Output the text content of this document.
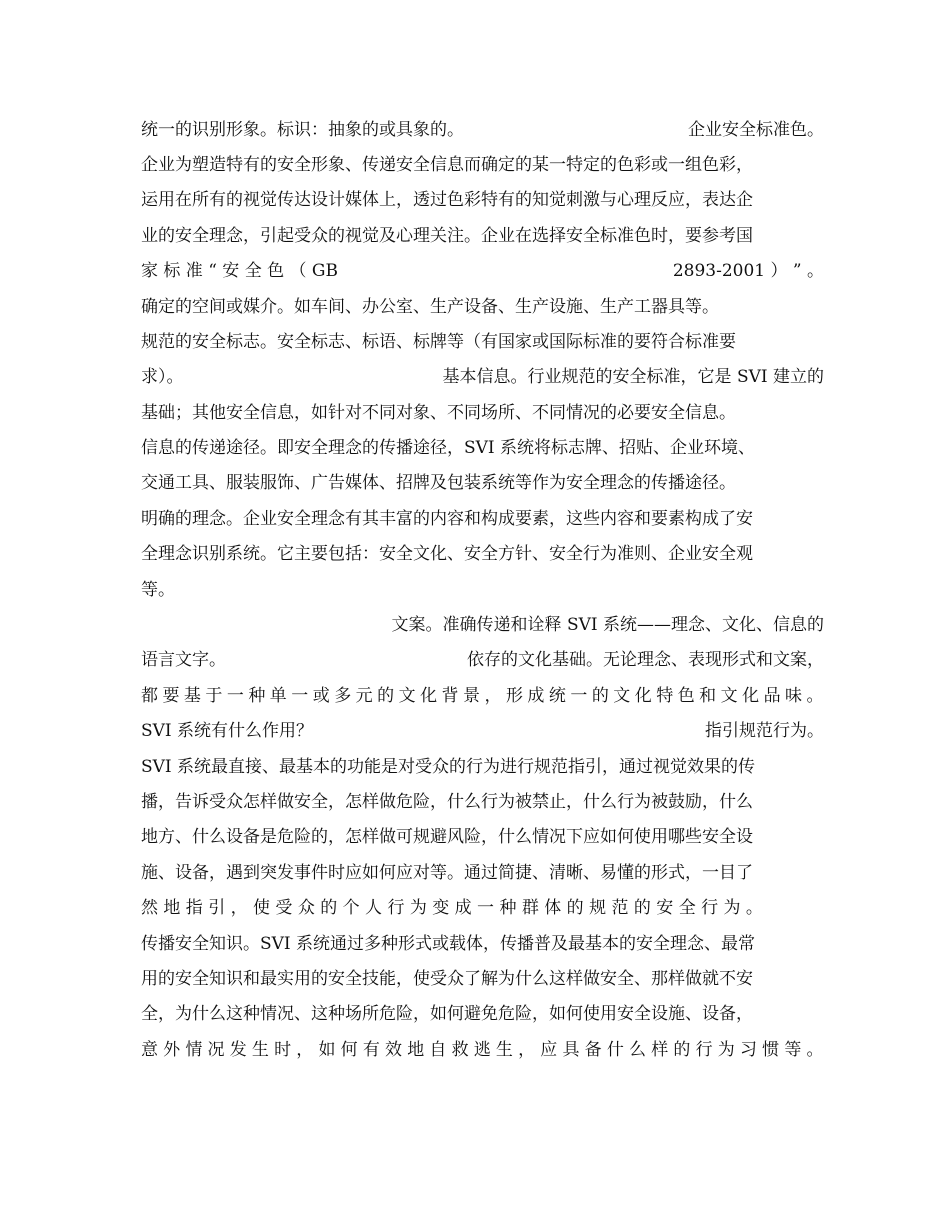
统一的识别形象。标识：抽象的或具象的。	企业安全标准色。
企业为塑造特有的安全形象、传递安全信息而确定的某一特定的色彩或一组色彩，
运用在所有的视觉传达设计媒体上，透过色彩特有的知觉刺激与心理反应，表达企
业的安全理念，引起受众的视觉及心理关注。企业在选择安全标准色时，要参考国
家 标 准 “ 安 全 色 （ GB	2893-2001 ） ” 。
确定的空间或媒介。如车间、办公室、生产设备、生产设施、生产工器具等。
规范的安全标志。安全标志、标语、标牌等（有国家或国际标准的要符合标准要
求）。	基本信息。行业规范的安全标准，它是 SVI 建立的
基础；其他安全信息，如针对不同对象、不同场所、不同情况的必要安全信息。
信息的传递途径。即安全理念的传播途径，SVI 系统将标志牌、招贴、企业环境、
交通工具、服装服饰、广告媒体、招牌及包装系统等作为安全理念的传播途径。
明确的理念。企业安全理念有其丰富的内容和构成要素，这些内容和要素构成了安
全理念识别系统。它主要包括：安全文化、安全方针、安全行为准则、企业安全观
等。
文案。准确传递和诠释 SVI 系统——理念、文化、信息的
语言文字。	依存的文化基础。无论理念、表现形式和文案，
都要基于一种单一或多元的文化背景，形成统一的文化特色和文化品味。
SVI 系统有什么作用？	指引规范行为。
SVI 系统最直接、最基本的功能是对受众的行为进行规范指引，通过视觉效果的传
播，告诉受众怎样做安全，怎样做危险，什么行为被禁止，什么行为被鼓励，什么
地方、什么设备是危险的，怎样做可规避风险，什么情况下应如何使用哪些安全设
施、设备，遇到突发事件时应如何应对等。通过简捷、清晰、易懂的形式，一目了
然 地 指 引 ， 使 受 众 的 个 人 行 为 变 成 一 种 群 体 的 规 范 的 安 全 行 为 。
传播安全知识。SVI 系统通过多种形式或载体，传播普及最基本的安全理念、最常
用的安全知识和最实用的安全技能，使受众了解为什么这样做安全、那样做就不安
全，为什么这种情况、这种场所危险，如何避免危险，如何使用安全设施、设备，
意外情况发生时，如何有效地自救逃生，应具备什么样的行为习惯等。
